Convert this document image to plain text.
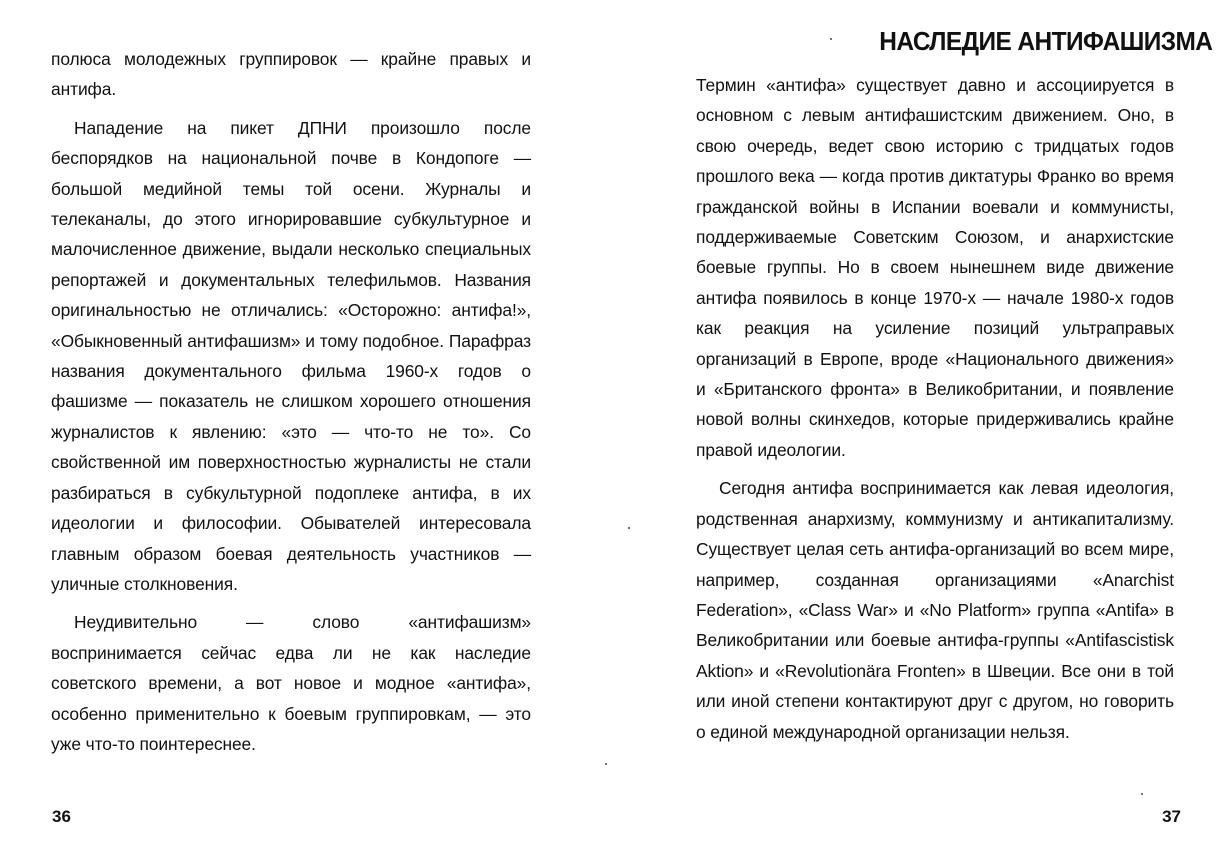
полюса молодежных группировок — крайне правых и антифа.

Нападение на пикет ДПНИ произошло после беспорядков на национальной почве в Кондопоге — большой медийной темы той осени. Журналы и телеканалы, до этого игнорировавшие субкультурное и малочисленное движение, выдали несколько специальных репортажей и документальных телефильмов. Названия оригинальностью не отличались: «Осторожно: антифа!», «Обыкновенный антифашизм» и тому подобное. Парафраз названия документального фильма 1960-х годов о фашизме — показатель не слишком хорошего отношения журналистов к явлению: «это — что-то не то». Со свойственной им поверхностностью журналисты не стали разбираться в субкультурной подоплеке антифа, в их идеологии и философии. Обывателей интересовала главным образом боевая деятельность участников — уличные столкновения.

Неудивительно — слово «антифашизм» воспринимается сейчас едва ли не как наследие советского времени, а вот новое и модное «антифа», особенно применительно к боевым группировкам, — это уже что-то поинтереснее.

36
НАСЛЕДИЕ АНТИФАШИЗМА

Термин «антифа» существует давно и ассоциируется в основном с левым антифашистским движением. Оно, в свою очередь, ведет свою историю с тридцатых годов прошлого века — когда против диктатуры Франко во время гражданской войны в Испании воевали и коммунисты, поддерживаемые Советским Союзом, и анархистские боевые группы. Но в своем нынешнем виде движение антифа появилось в конце 1970-х — начале 1980-х годов как реакция на усиление позиций ультраправых организаций в Европе, вроде «Национального движения» и «Британского фронта» в Великобритании, и появление новой волны скинхедов, которые придерживались крайне правой идеологии.

Сегодня антифа воспринимается как левая идеология, родственная анархизму, коммунизму и антикапитализму. Существует целая сеть антифа-организаций во всем мире, например, созданная организациями «Anarchist Federation», «Class War» и «No Platform» группа «Antifa» в Великобритании или боевые антифа-группы «Antifascistisk Aktion» и «Revolutionära Fronten» в Швеции. Все они в той или иной степени контактируют друг с другом, но говорить о единой международной организации нельзя.

37
